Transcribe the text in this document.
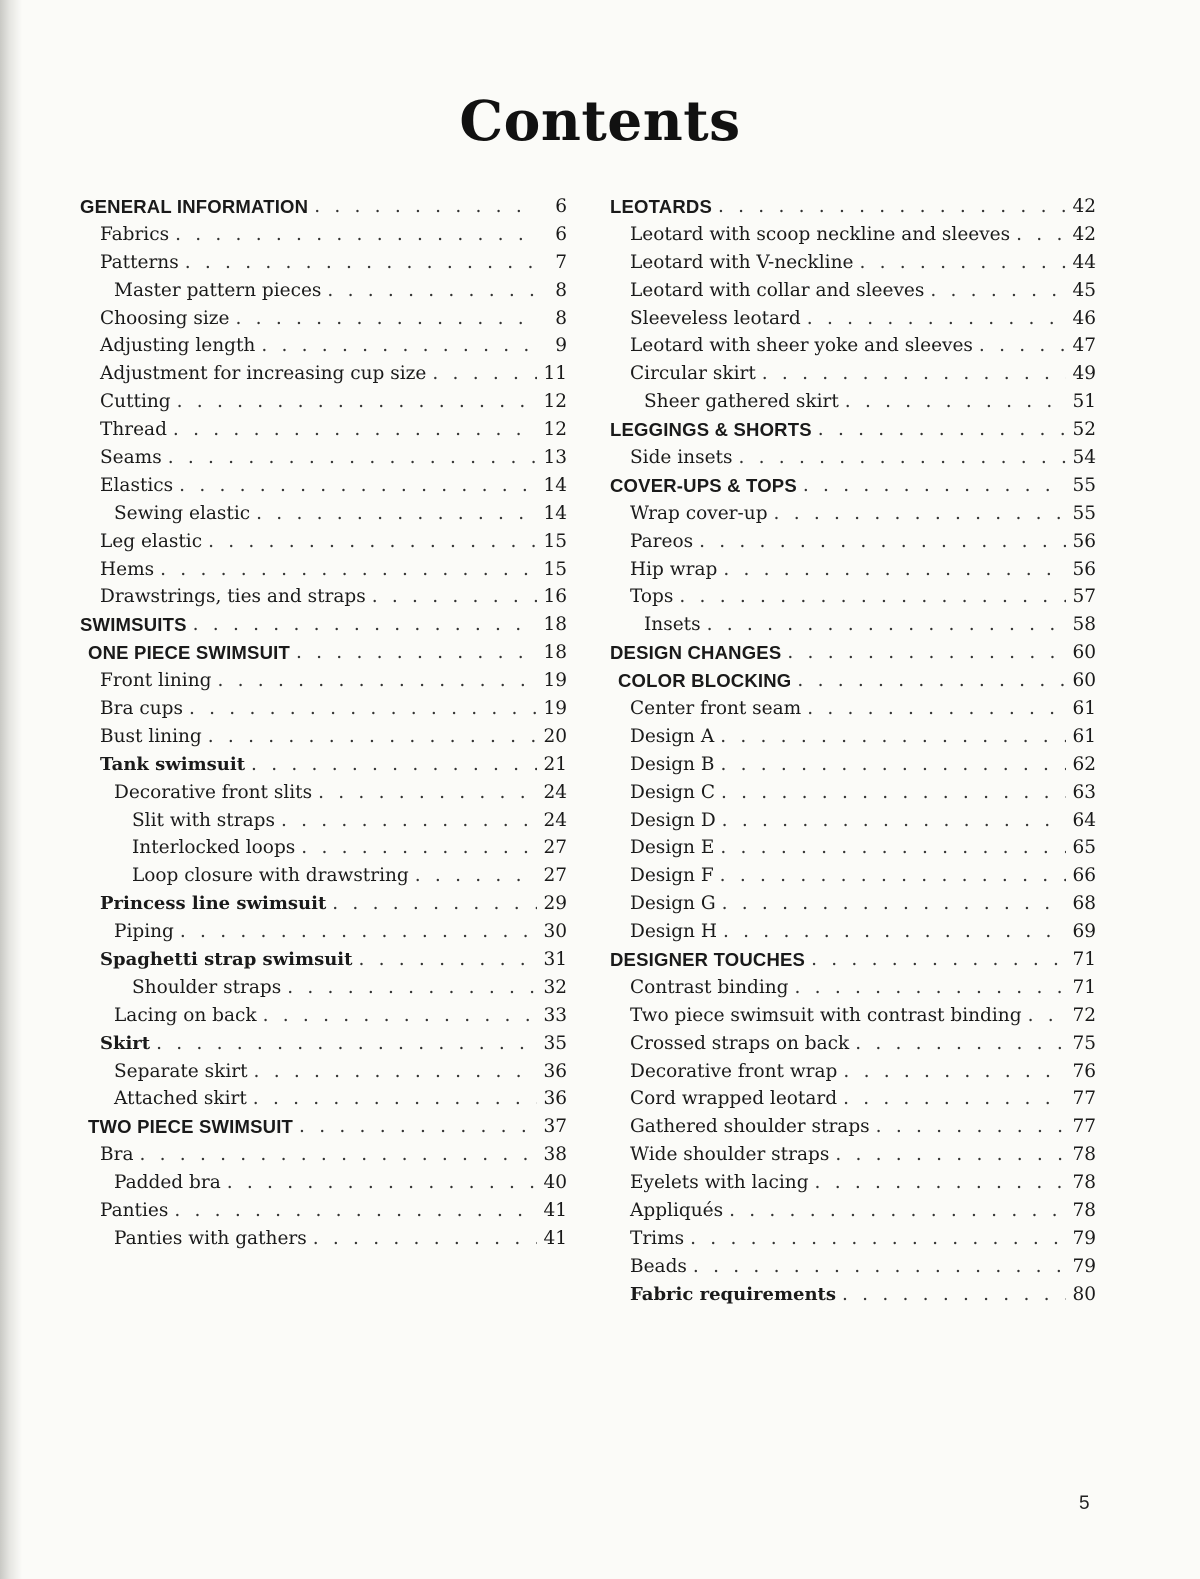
Contents
GENERAL INFORMATION . . .	6
Fabrics . . .	6
Patterns . . .	7
Master pattern pieces . . .	8
Choosing size . . .	8
Adjusting length . . .	9
Adjustment for increasing cup size . . .	11
Cutting . . .	12
Thread . . .	12
Seams . . .	13
Elastics . . .	14
Sewing elastic . . .	14
Leg elastic . . .	15
Hems . . .	15
Drawstrings, ties and straps . . .	16
SWIMSUITS . . .	18
ONE PIECE SWIMSUIT . . .	18
Front lining . . .	19
Bra cups . . .	19
Bust lining . . .	20
Tank swimsuit . . .	21
Decorative front slits . . .	24
Slit with straps . . .	24
Interlocked loops . . .	27
Loop closure with drawstring . . .	27
Princess line swimsuit . . .	29
Piping . . .	30
Spaghetti strap swimsuit . . .	31
Shoulder straps . . .	32
Lacing on back . . .	33
Skirt . . .	35
Separate skirt . . .	36
Attached skirt . . .	36
TWO PIECE SWIMSUIT . . .	37
Bra . . .	38
Padded bra . . .	40
Panties . . .	41
Panties with gathers . . .	41
LEOTARDS . . .	42
Leotard with scoop neckline and sleeves . . .	42
Leotard with V-neckline . . .	44
Leotard with collar and sleeves . . .	45
Sleeveless leotard . . .	46
Leotard with sheer yoke and sleeves . . .	47
Circular skirt . . .	49
Sheer gathered skirt . . .	51
LEGGINGS & SHORTS . . .	52
Side insets . . .	54
COVER-UPS & TOPS . . .	55
Wrap cover-up . . .	55
Pareos . . .	56
Hip wrap . . .	56
Tops . . .	57
Insets . . .	58
DESIGN CHANGES . . .	60
COLOR BLOCKING . . .	60
Center front seam . . .	61
Design A . . .	61
Design B . . .	62
Design C . . .	63
Design D . . .	64
Design E . . .	65
Design F . . .	66
Design G . . .	68
Design H . . .	69
DESIGNER TOUCHES . . .	71
Contrast binding . . .	71
Two piece swimsuit with contrast binding . . .	72
Crossed straps on back . . .	75
Decorative front wrap . . .	76
Cord wrapped leotard . . .	77
Gathered shoulder straps . . .	77
Wide shoulder straps . . .	78
Eyelets with lacing . . .	78
Appliqués . . .	78
Trims . . .	79
Beads . . .	79
Fabric requirements . . .	80
5
